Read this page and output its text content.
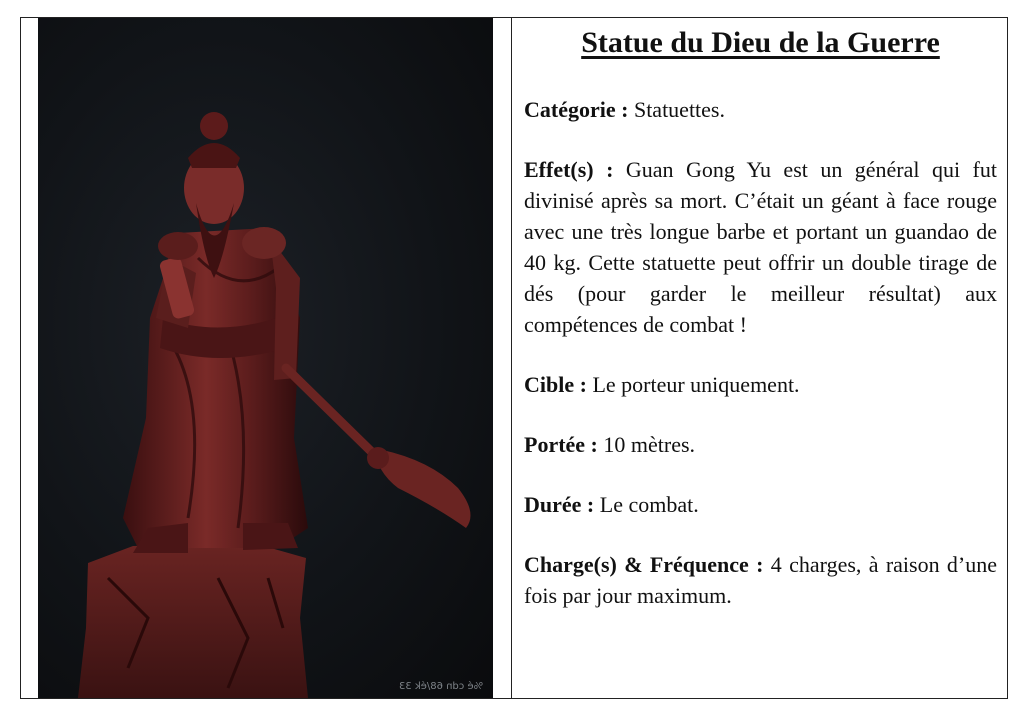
%é cdn 68/ék 33
Statue du Dieu de la Guerre
Catégorie : Statuettes.
Effet(s) : Guan Gong Yu est un général qui fut divinisé après sa mort. C’était un géant à face rouge avec une très longue barbe et portant un guandao de 40 kg. Cette statuette peut offrir un double tirage de dés (pour garder le meilleur résultat) aux compétences de combat !
Cible : Le porteur uniquement.
Portée : 10 mètres.
Durée : Le combat.
Charge(s) & Fréquence : 4 charges, à raison d’une fois par jour maximum.
